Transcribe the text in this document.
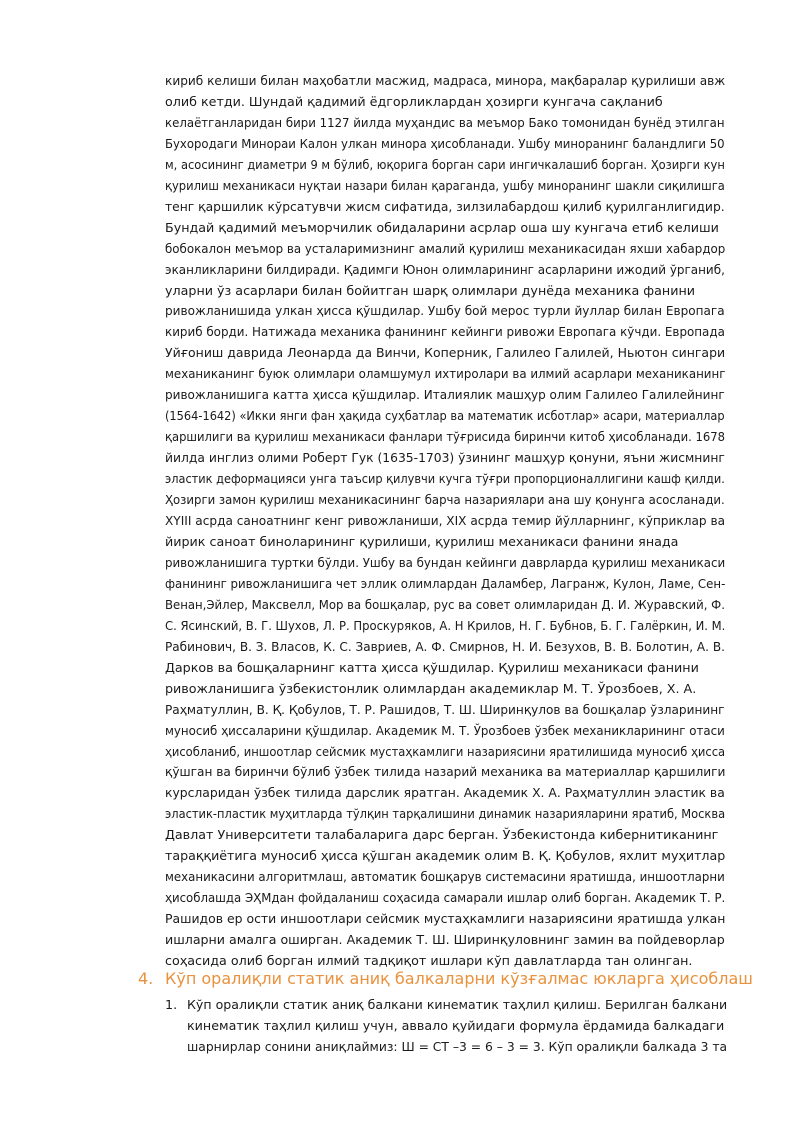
кириб келиши билан маҳобатли масжид, мадраса, минора, мақбаралар қурилиши авж
олиб кетди. Шундай қадимий ёдгорликлардан ҳозирги кунгача сақланиб
келаётганларидан бири 1127 йилда муҳандис ва меъмор Бако томонидан бунёд этилган
Бухородаги Минораи Калон улкан минора ҳисобланади. Ушбу миноранинг баландлиги 50
м, асосининг диаметри 9 м бўлиб, юқорига борган сари ингичкалашиб борган. Ҳозирги кун
қурилиш механикаси нуқтаи назари билан қараганда, ушбу миноранинг шакли сиқилишга
тенг қаршилик кўрсатувчи жисм сифатида, зилзилабардош қилиб қурилганлигидир.
Бундай қадимий меъморчилик обидаларини асрлар оша шу кунгача етиб келиши
бобокалон меъмор ва усталаримизнинг амалий қурилиш механикасидан яхши хабардор
эканликларини билдиради. Қадимги Юнон олимларининг асарларини ижодий ўрганиб,
уларни ўз асарлари билан бойитган шарқ олимлари дунёда механика фанини
ривожланишида улкан ҳисса қўшдилар. Ушбу бой мерос турли йуллар билан Европага
кириб борди. Натижада механика фанининг кейинги ривожи Европага кўчди. Европада
Уйғониш даврида Леонарда да Винчи, Коперник, Галилео Галилей, Ньютон сингари
механиканинг буюк олимлари оламшумул ихтиролари ва илмий асарлари механиканинг
ривожланишига катта ҳисса қўшдилар. Италиялик машҳур олим Галилео Галилейнинг
(1564-1642) «Икки янги фан ҳақида суҳбатлар ва математик исботлар» асари, материаллар
қаршилиги ва қурилиш механикаси фанлари тўғрисида биринчи китоб ҳисобланади. 1678
йилда инглиз олими Роберт Гук (1635-1703) ўзининг машҳур қонуни, яъни жисмнинг
эластик деформацияси унга таъсир қилувчи кучга тўғри пропорционаллигини кашф қилди.
Ҳозирги замон қурилиш механикасининг барча назариялари ана шу қонунга асосланади.
XYIII асрда саноатнинг кенг ривожланиши, XIX асрда темир йўлларнинг, кўприклар ва
йирик саноат биноларининг қурилиши, қурилиш механикаси фанини янада
ривожланишига туртки бўлди. Ушбу ва бундан кейинги даврларда қурилиш механикаси
фанининг ривожланишига чет эллик олимлардан Даламбер, Лагранж, Кулон, Ламе, Сен-
Венан,Эйлер, Максвелл, Мор ва бошқалар, рус ва совет олимларидан Д. И. Журавский, Ф.
С. Ясинский, В. Г. Шухов, Л. Р. Проскуряков, А. Н Крилов, Н. Г. Бубнов, Б. Г. Галёркин, И. М.
Рабинович, В. З. Власов, К. С. Завриев, А. Ф. Смирнов, Н. И. Безухов, В. В. Болотин, А. В.
Дарков ва бошқаларнинг катта ҳисса қўшдилар. Қурилиш механикаси фанини
ривожланишига ўзбекистонлик олимлардан академиклар М. Т. Ўрозбоев, Х. А.
Раҳматуллин, В. Қ. Қобулов, Т. Р. Рашидов, Т. Ш. Ширинқулов ва бошқалар ўзларининг
муносиб ҳиссаларини қўшдилар. Академик М. Т. Ўрозбоев ўзбек механикларининг отаси
ҳисобланиб, иншоотлар сейсмик мустаҳкамлиги назариясини яратилишида муносиб ҳисса
қўшган ва биринчи бўлиб ўзбек тилида назарий механика ва материаллар қаршилиги
курсларидан ўзбек тилида дарслик яратган. Академик Х. А. Раҳматуллин эластик ва
эластик-пластик муҳитларда тўлқин тарқалишини динамик назарияларини яратиб, Москва
Давлат Университети талабаларига дарс берган. Ўзбекистонда кибернитиканинг
тараққиётига муносиб ҳисса қўшган академик олим В. Қ. Қобулов, яхлит муҳитлар
механикасини алгоритмлаш, автоматик бошқарув системасини яратишда, иншоотларни
ҳисоблашда ЭҲМдан фойдаланиш соҳасида самарали ишлар олиб борган. Академик Т. Р.
Рашидов ер ости иншоотлари сейсмик мустаҳкамлиги назариясини яратишда улкан
ишларни амалга оширган. Академик Т. Ш. Ширинқуловнинг замин ва пойдеворлар
соҳасида олиб борган илмий тадқиқот ишлари кўп давлатларда тан олинган.
4. Кўп оралиқли статик аниқ балкаларни кўзғалмас юкларга ҳисоблаш
1. Кўп оралиқли статик аниқ балкани кинематик таҳлил қилиш. Берилган балкани
кинематик таҳлил қилиш учун, аввало қуйидаги формула ёрдамида балкадаги
шарнирлар сонини аниқлаймиз: Ш = СТ –3 = 6 – 3 = 3. Кўп оралиқли балкада 3 та
